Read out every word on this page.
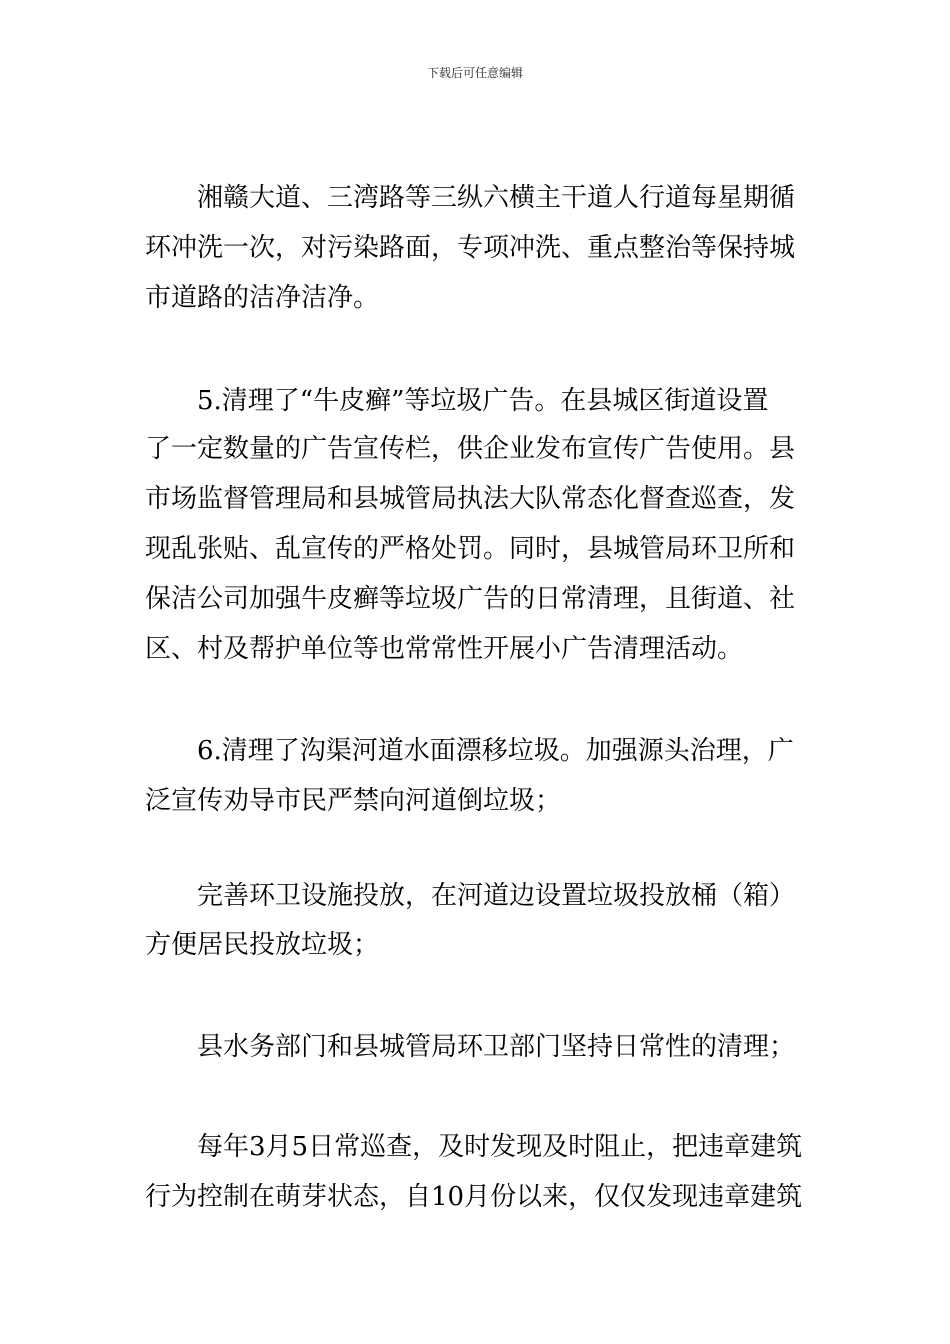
下载后可任意编辑
湘赣大道、三湾路等三纵六横主干道人行道每星期循
环冲洗一次，对污染路面，专项冲洗、重点整治等保持城
市道路的洁净洁净。
5.清理了“牛皮癣”等垃圾广告。在县城区街道设置
了一定数量的广告宣传栏，供企业发布宣传广告使用。县
市场监督管理局和县城管局执法大队常态化督查巡查，发
现乱张贴、乱宣传的严格处罚。同时，县城管局环卫所和
保洁公司加强牛皮癣等垃圾广告的日常清理，且街道、社
区、村及帮护单位等也常常性开展小广告清理活动。
6.清理了沟渠河道水面漂移垃圾。加强源头治理，广
泛宣传劝导市民严禁向河道倒垃圾；
完善环卫设施投放，在河道边设置垃圾投放桶（箱）
方便居民投放垃圾；
县水务部门和县城管局环卫部门坚持日常性的清理；
每年3月5日常巡查，及时发现及时阻止，把违章建筑
行为控制在萌芽状态，自10月份以来，仅仅发现违章建筑
